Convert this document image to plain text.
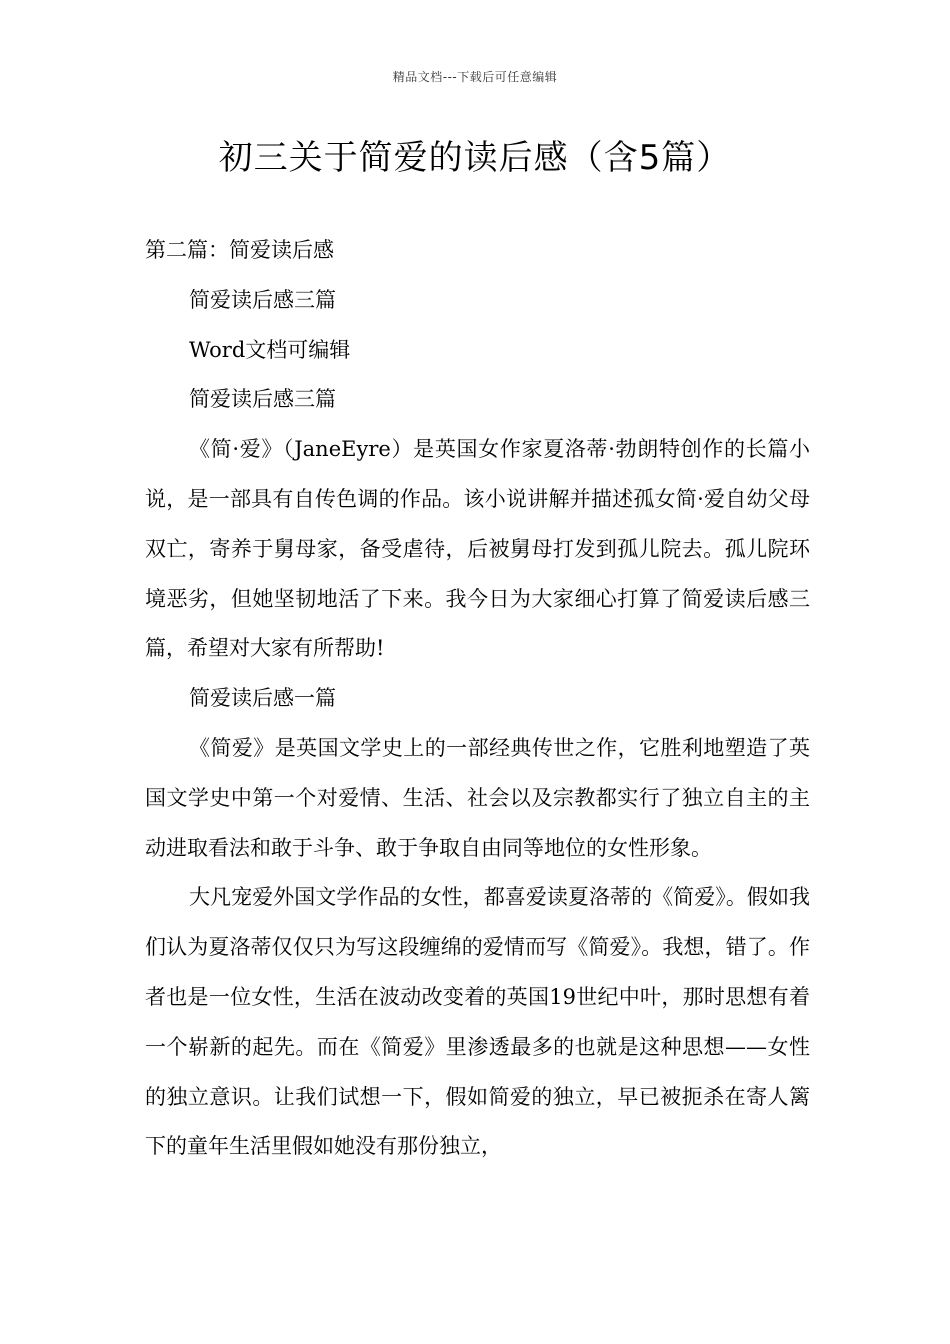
精品文档---下载后可任意编辑
初三关于简爱的读后感（含5篇）

第二篇：简爱读后感

简爱读后感三篇

Word文档可编辑

简爱读后感三篇

《简·爱》（JaneEyre）是英国女作家夏洛蒂·勃朗特创作的长篇小说，是一部具有自传色调的作品。该小说讲解并描述孤女简·爱自幼父母双亡，寄养于舅母家，备受虐待，后被舅母打发到孤儿院去。孤儿院环境恶劣，但她坚韧地活了下来。我今日为大家细心打算了简爱读后感三篇，希望对大家有所帮助!

简爱读后感一篇

《简爱》是英国文学史上的一部经典传世之作，它胜利地塑造了英国文学史中第一个对爱情、生活、社会以及宗教都实行了独立自主的主动进取看法和敢于斗争、敢于争取自由同等地位的女性形象。

大凡宠爱外国文学作品的女性，都喜爱读夏洛蒂的《简爱》。假如我们认为夏洛蒂仅仅只为写这段缠绵的爱情而写《简爱》。我想，错了。作者也是一位女性，生活在波动改变着的英国19世纪中叶，那时思想有着一个崭新的起先。而在《简爱》里渗透最多的也就是这种思想——女性的独立意识。让我们试想一下，假如简爱的独立，早已被扼杀在寄人篱下的童年生活里假如她没有那份独立，
